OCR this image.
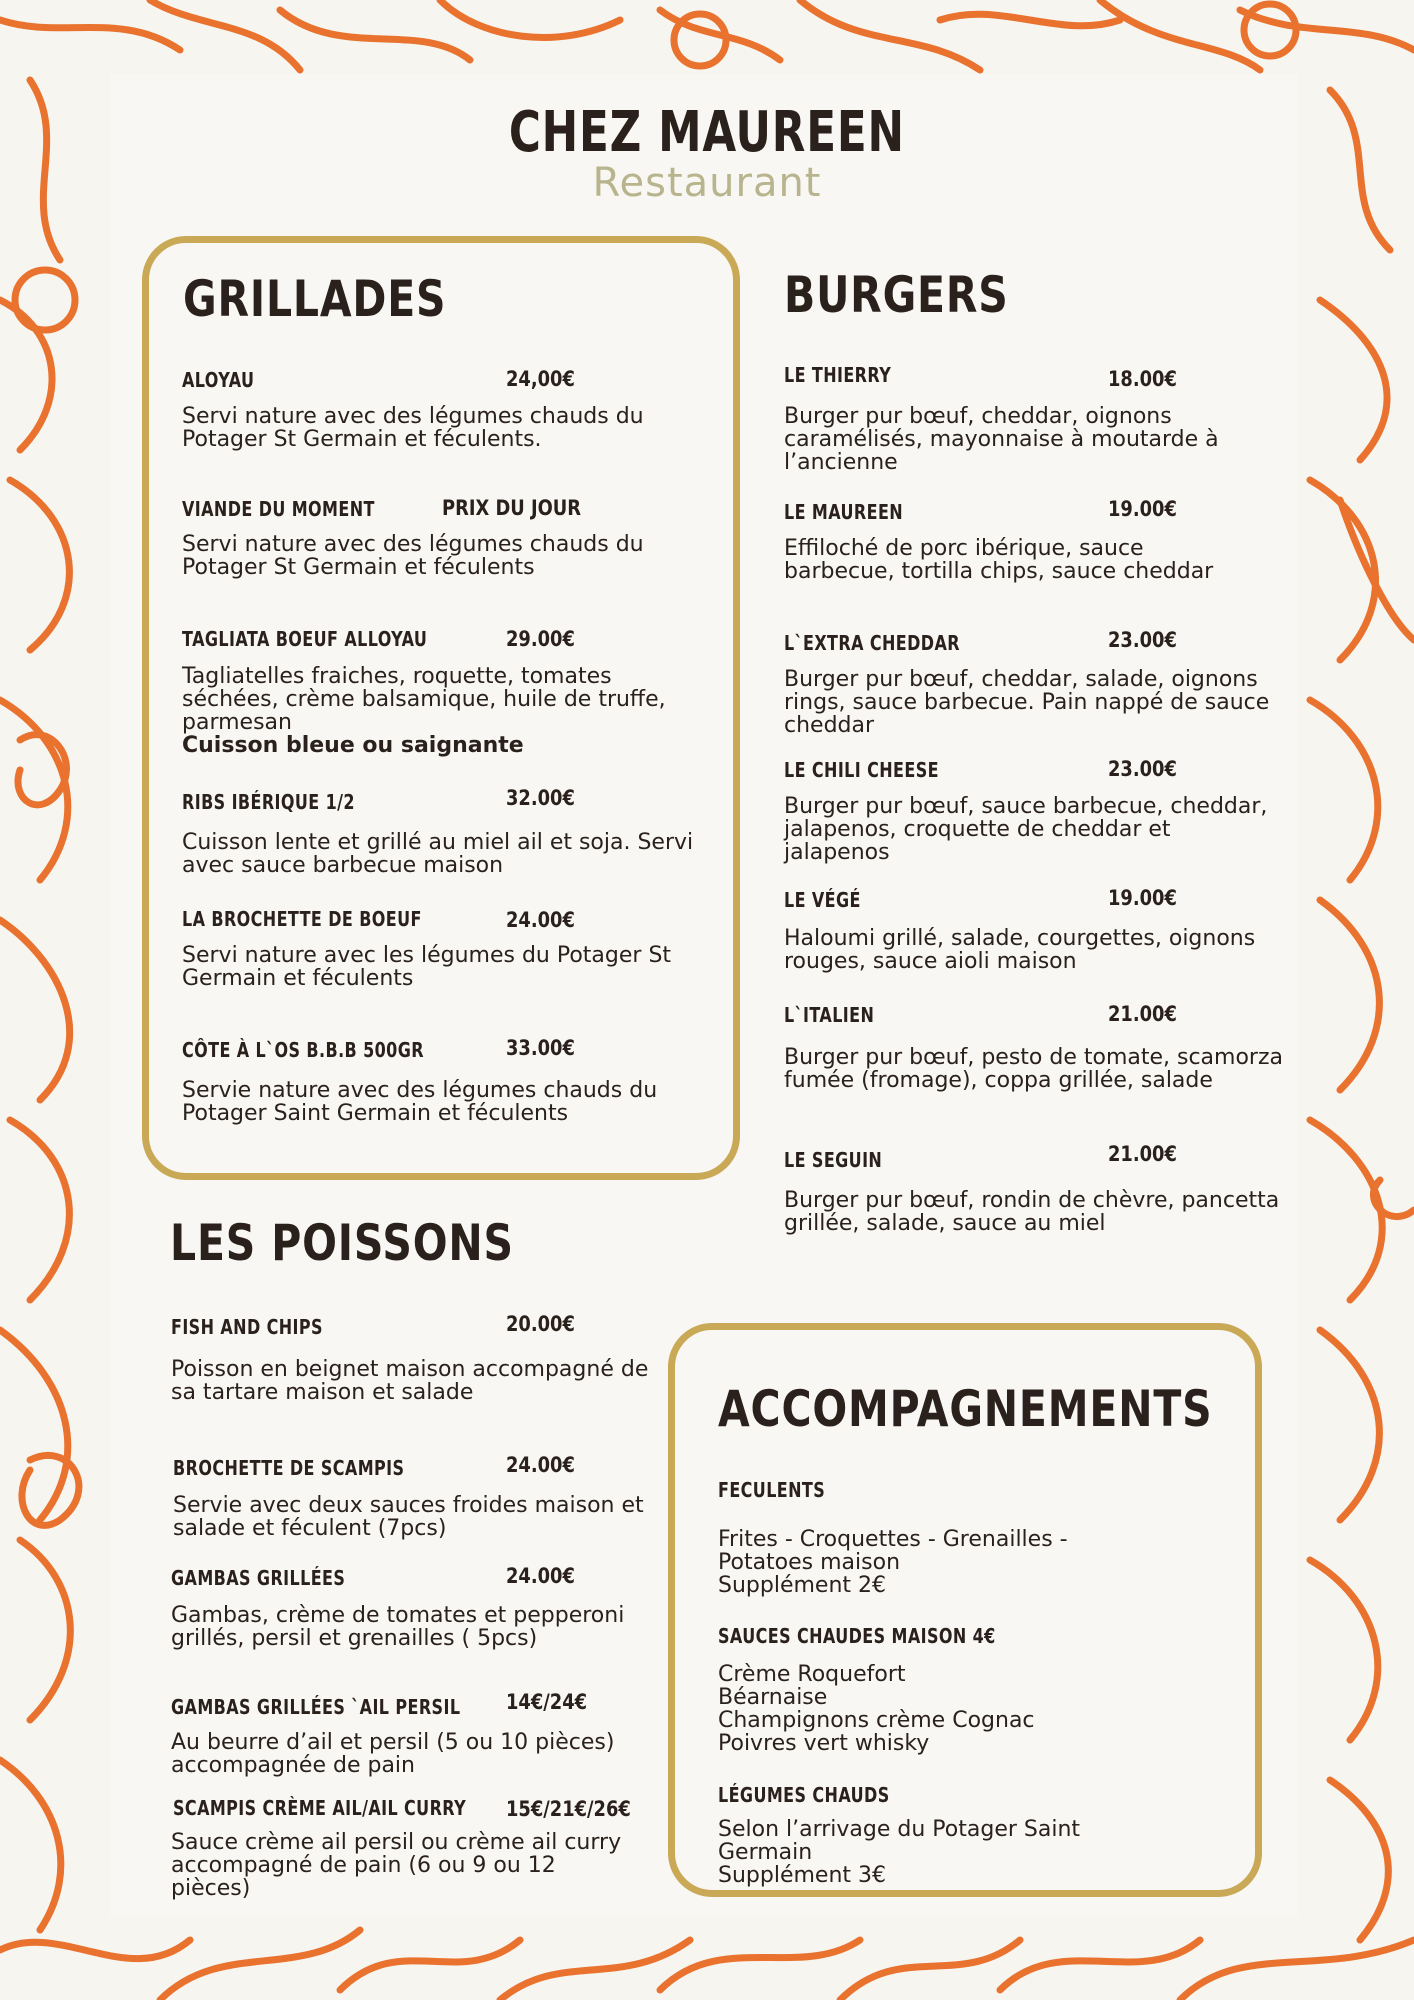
CHEZ MAUREEN
Restaurant
GRILLADES
ALOYAU	24,00€
Servi nature avec des légumes chauds du Potager St Germain et féculents.
VIANDE DU MOMENT	PRIX DU JOUR
Servi nature avec des légumes chauds du Potager St Germain et féculents
TAGLIATA BOEUF ALLOYAU	29.00€
Tagliatelles fraiches, roquette, tomates séchées, crème balsamique, huile de truffe, parmesan
Cuisson bleue ou saignante
RIBS IBÉRIQUE 1/2	32.00€
Cuisson lente et grillé au miel ail et soja. Servi avec sauce barbecue maison
LA BROCHETTE DE BOEUF	24.00€
Servi nature avec les légumes du Potager St Germain et féculents
CÔTE À L`OS B.B.B 500GR	33.00€
Servie nature avec des légumes chauds du Potager Saint Germain et féculents
BURGERS
LE THIERRY	18.00€
Burger pur bœuf, cheddar, oignons caramélisés, mayonnaise à moutarde à l’ancienne
LE MAUREEN	19.00€
Effiloché de porc ibérique, sauce barbecue, tortilla chips, sauce cheddar
L`EXTRA CHEDDAR	23.00€
Burger pur bœuf, cheddar, salade, oignons rings, sauce barbecue. Pain nappé de sauce cheddar
LE CHILI CHEESE	23.00€
Burger pur bœuf, sauce barbecue, cheddar, jalapenos, croquette de cheddar et jalapenos
LE VÉGÉ	19.00€
Haloumi grillé, salade, courgettes, oignons rouges, sauce aioli maison
L`ITALIEN	21.00€
Burger pur bœuf, pesto de tomate, scamorza fumée (fromage), coppa grillée, salade
LE SEGUIN	21.00€
Burger pur bœuf, rondin de chèvre, pancetta grillée, salade, sauce au miel
LES POISSONS
FISH AND CHIPS	20.00€
Poisson en beignet maison accompagné de sa tartare maison et salade
BROCHETTE DE SCAMPIS	24.00€
Servie avec deux sauces froides maison et salade et féculent (7pcs)
GAMBAS GRILLÉES	24.00€
Gambas, crème de tomates et pepperoni grillés, persil et grenailles ( 5pcs)
GAMBAS GRILLÉES `AIL PERSIL 14€/24€
Au beurre d’ail et persil (5 ou 10 pièces) accompagnée de pain
SCAMPIS CRÈME AIL/AIL CURRY 15€/21€/26€
Sauce crème ail persil ou crème ail curry accompagné de pain (6 ou 9 ou 12 pièces)
ACCOMPAGNEMENTS
FECULENTS
Frites - Croquettes - Grenailles -
Potatoes maison
Supplément 2€
SAUCES CHAUDES MAISON 4€
Crème Roquefort
Béarnaise
Champignons crème Cognac
Poivres vert whisky
LÉGUMES CHAUDS
Selon l’arrivage du Potager Saint
Germain
Supplément 3€
